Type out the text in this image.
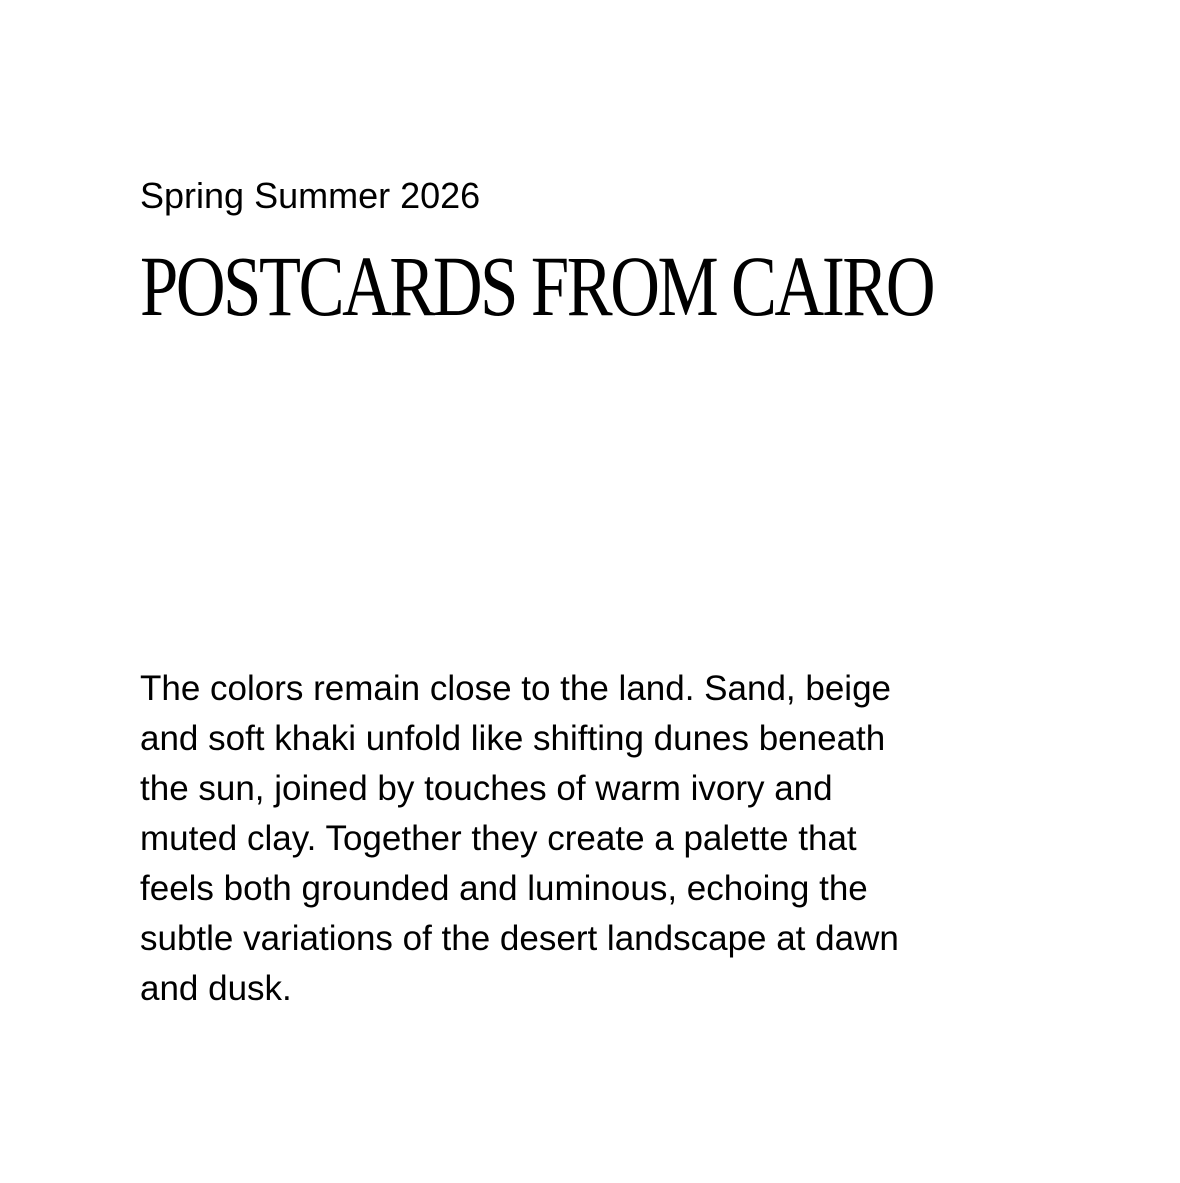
Spring Summer 2026

POSTCARDS FROM CAIRO

The colors remain close to the land. Sand, beige
and soft khaki unfold like shifting dunes beneath
the sun, joined by touches of warm ivory and
muted clay. Together they create a palette that
feels both grounded and luminous, echoing the
subtle variations of the desert landscape at dawn
and dusk.
